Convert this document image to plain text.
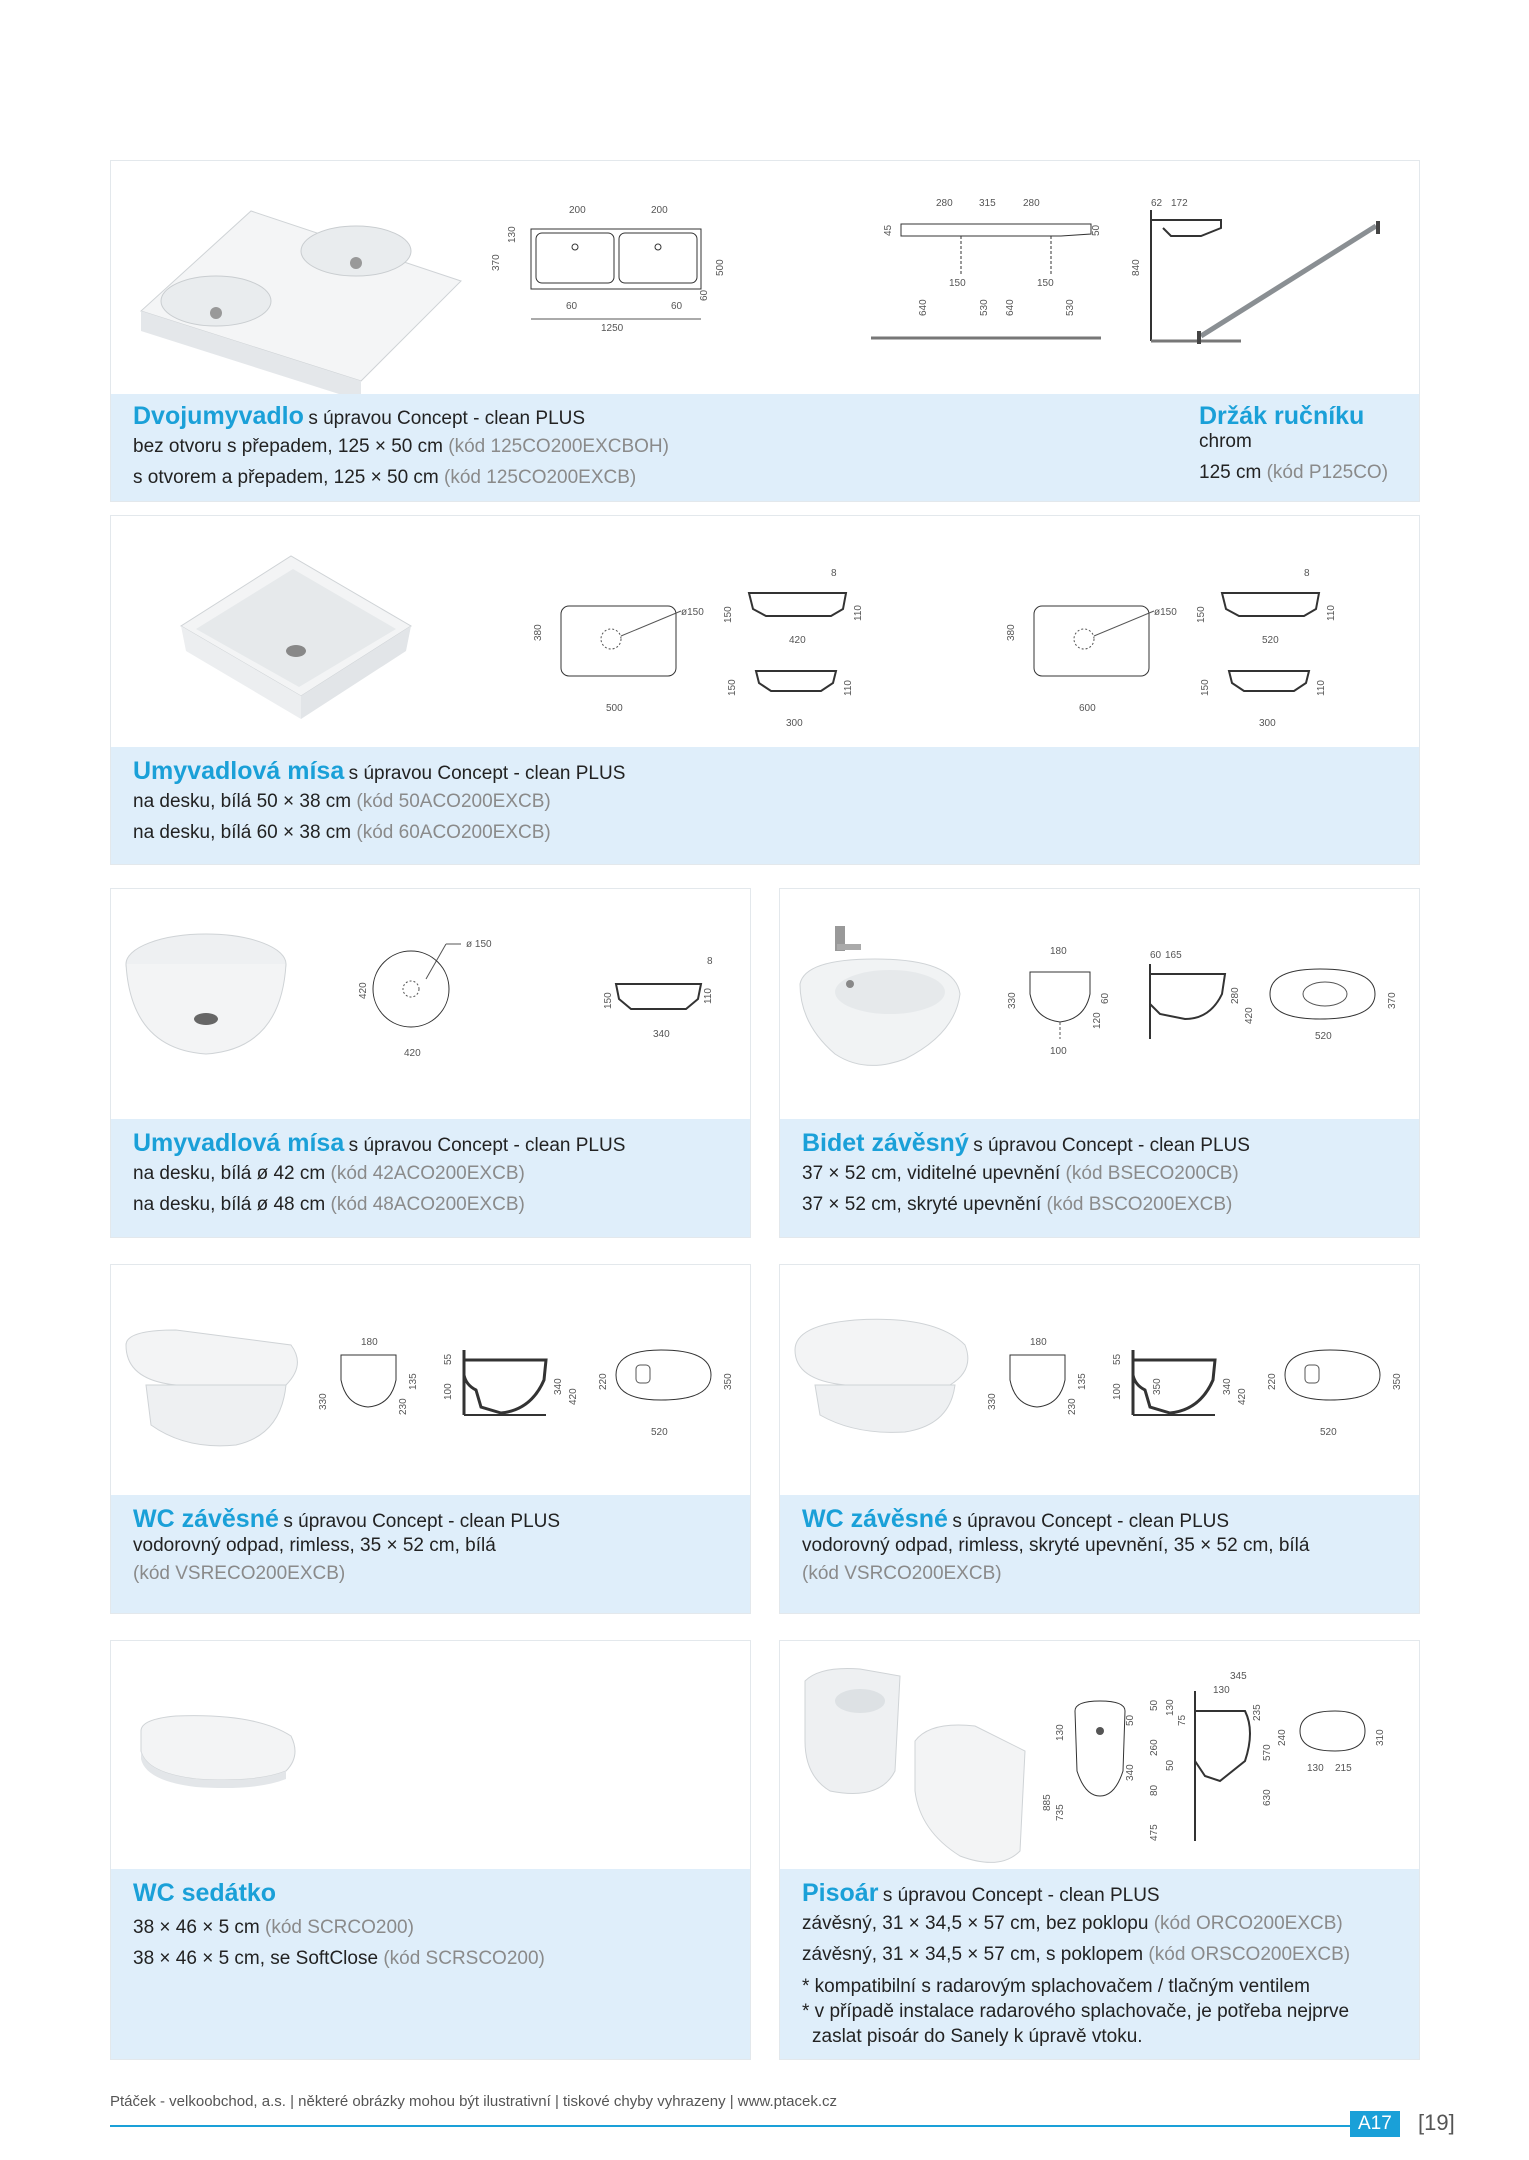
200	200
370
130
500
60
60	60
1250
280	315	280
45	50
150	150
640	530 640	530
62 172
840
Dvojumyvadlo s úpravou Concept - clean PLUS
bez otvoru s přepadem, 125 × 50 cm (kód 125CO200EXCBOH)
s otvorem a přepadem, 125 × 50 cm (kód 125CO200EXCB)
Držák ručníku
chrom
125 cm (kód P125CO)
380
500
ø150 150
8
110
420
110
150
300
380
600
ø150 150
8
110
520
110
150
300
Umyvadlová mísa s úpravou Concept - clean PLUS
na desku, bílá 50 × 38 cm (kód 50ACO200EXCB)
na desku, bílá 60 × 38 cm (kód 60ACO200EXCB)
ø 150
420
420
8
110
150
340
Umyvadlová mísa s úpravou Concept - clean PLUS
na desku, bílá ø 42 cm (kód 42ACO200EXCB)
na desku, bílá ø 48 cm (kód 48ACO200EXCB)
180
330
120
60
100
60 165
280
420
370
520
Bidet závěsný s úpravou Concept - clean PLUS
37 × 52 cm, viditelné upevnění (kód BSECO200CB)
37 × 52 cm, skryté upevnění (kód BSCO200EXCB)
180
330	230
135
100
55
340
420
220	350
520
WC závěsné s úpravou Concept - clean PLUS
vodorovný odpad, rimless, 35 × 52 cm, bílá
(kód VSRECO200EXCB)
180
330	230
135
100
55
350	340
420
220	350
520
WC závěsné s úpravou Concept - clean PLUS
vodorovný odpad, rimless, skryté upevnění, 35 × 52 cm, bílá
(kód VSRCO200EXCB)
WC sedátko
38 × 46 × 5 cm (kód SCRCO200)
38 × 46 × 5 cm, se SoftClose (kód SCRSCO200)
345
130
130
50
340
885
735
50
260
50
130
75
80
475
235
570
630
240	310
130 215
Pisoár s úpravou Concept - clean PLUS
závěsný, 31 × 34,5 × 57 cm, bez poklopu (kód ORCO200EXCB)
závěsný, 31 × 34,5 × 57 cm, s poklopem (kód ORSCO200EXCB)
* kompatibilní s radarovým splachovačem / tlačným ventilem
* v případě instalace radarového splachovače, je potřeba nejprve
zaslat pisoár do Sanely k úpravě vtoku.
Ptáček - velkoobchod, a.s. | některé obrázky mohou být ilustrativní | tiskové chyby vyhrazeny | www.ptacek.cz
A17	[19]
